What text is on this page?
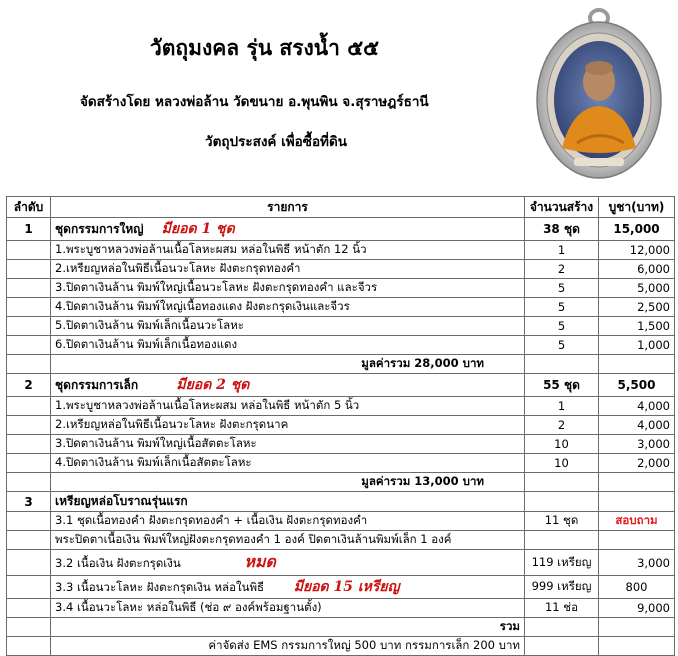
วัตถุมงคล รุ่น สรงน้ำ ๕๕
จัดสร้างโดย หลวงพ่อล้าน วัดขนาย อ.พุนพิน จ.สุราษฎร์ธานี
วัตถุประสงค์ เพื่อซื้อที่ดิน
ลำดับ	รายการ	จำนวนสร้าง	บูชา(บาท)
1	ชุดกรรมการใหญ่ มียอด 1 ชุด	38 ชุด	15,000
	1.พระบูชาหลวงพ่อล้านเนื้อโลหะผสม หล่อในพิธี หน้าตัก 12 นิ้ว	1	12,000
	2.เหรียญหล่อในพิธีเนื้อนวะโลหะ ฝังตะกรุดทองคำ	2	6,000
	3.ปิดตาเงินล้าน พิมพ์ใหญ่เนื้อนวะโลหะ ฝังตะกรุดทองคำ และจีวร	5	5,000
	4.ปิดตาเงินล้าน พิมพ์ใหญ่เนื้อทองแดง ฝังตะกรุดเงินและจีวร	5	2,500
	5.ปิดตาเงินล้าน พิมพ์เล็กเนื้อนวะโลหะ	5	1,500
	6.ปิดตาเงินล้าน พิมพ์เล็กเนื้อทองแดง	5	1,000
	มูลค่ารวม 28,000 บาท		
2	ชุดกรรมการเล็ก มียอด 2 ชุด	55 ชุด	5,500
	1.พระบูชาหลวงพ่อล้านเนื้อโลหะผสม หล่อในพิธี หน้าตัก 5 นิ้ว	1	4,000
	2.เหรียญหล่อในพิธีเนื้อนวะโลหะ ฝังตะกรุดนาค	2	4,000
	3.ปิดตาเงินล้าน พิมพ์ใหญ่เนื้อสัตตะโลหะ	10	3,000
	4.ปิดตาเงินล้าน พิมพ์เล็กเนื้อสัตตะโลหะ	10	2,000
	มูลค่ารวม 13,000 บาท		
3	เหรียญหล่อโบราณรุ่นแรก		
	3.1 ชุดเนื้อทองคำ ฝังตะกรุดทองคำ + เนื้อเงิน ฝังตะกรุดทองคำ	11 ชุด	สอบถาม
	พระปิดตาเนื้อเงิน พิมพ์ใหญ่ฝังตะกรุดทองคำ 1 องค์ ปิดตาเงินล้านพิมพ์เล็ก 1 องค์		
	3.2 เนื้อเงิน ฝังตะกรุดเงิน หมด	119 เหรียญ	3,000
	3.3 เนื้อนวะโลหะ ฝังตะกรุดเงิน หล่อในพิธี มียอด 15 เหรียญ	999 เหรียญ	800
	3.4 เนื้อนวะโลหะ หล่อในพิธี (ช่อ ๙ องค์พร้อมฐานตั้ง)	11 ช่อ	9,000
	รวม		
	ค่าจัดส่ง EMS กรรมการใหญ่ 500 บาท กรรมการเล็ก 200 บาท		
